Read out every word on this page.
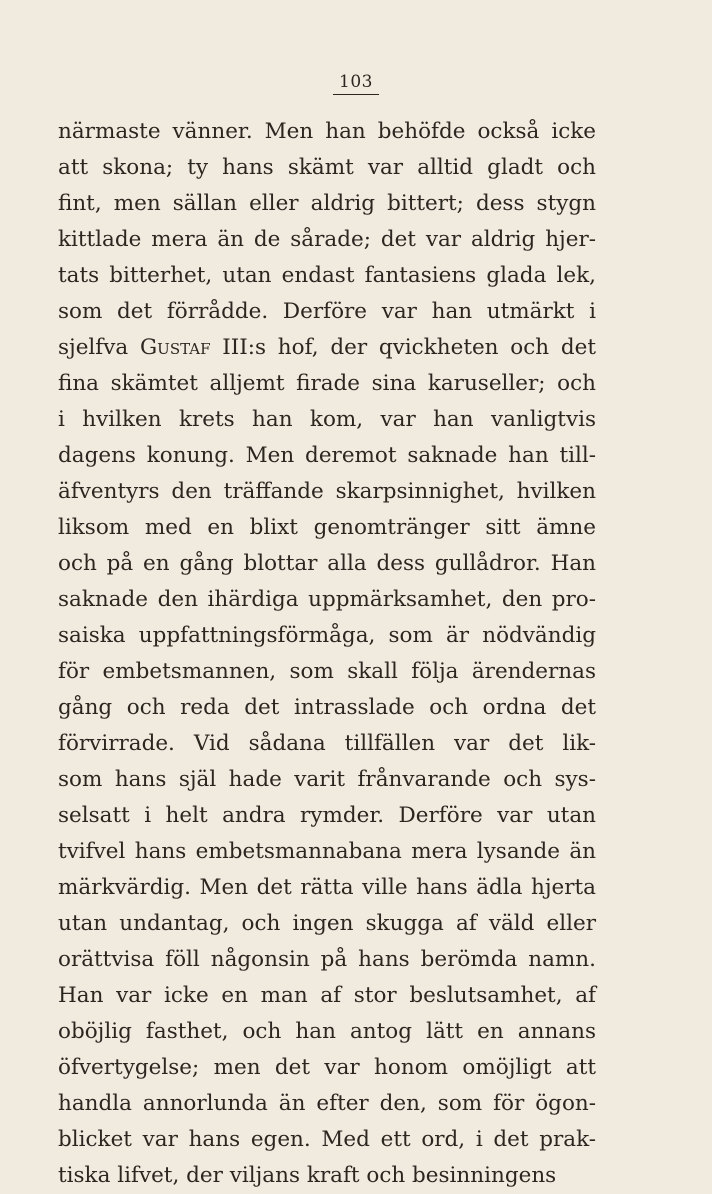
103
närmaste vänner. Men han behöfde också icke
att skona; ty hans skämt var alltid gladt och
fint, men sällan eller aldrig bittert; dess stygn
kittlade mera än de sårade; det var aldrig hjer-
tats bitterhet, utan endast fantasiens glada lek,
som det förrådde. Derföre var han utmärkt i
sjelfva Gustaf III:s hof, der qvickheten och det
fina skämtet alljemt firade sina karuseller; och
i hvilken krets han kom, var han vanligtvis
dagens konung. Men deremot saknade han till-
äfventyrs den träffande skarpsinnighet, hvilken
liksom med en blixt genomtränger sitt ämne
och på en gång blottar alla dess gullådror. Han
saknade den ihärdiga uppmärksamhet, den pro-
saiska uppfattningsförmåga, som är nödvändig
för embetsmannen, som skall följa ärendernas
gång och reda det intrasslade och ordna det
förvirrade. Vid sådana tillfällen var det lik-
som hans själ hade varit frånvarande och sys-
selsatt i helt andra rymder. Derföre var utan
tvifvel hans embetsmannabana mera lysande än
märkvärdig. Men det rätta ville hans ädla hjerta
utan undantag, och ingen skugga af väld eller
orättvisa föll någonsin på hans berömda namn.
Han var icke en man af stor beslutsamhet, af
oböjlig fasthet, och han antog lätt en annans
öfvertygelse; men det var honom omöjligt att
handla annorlunda än efter den, som för ögon-
blicket var hans egen. Med ett ord, i det prak-
tiska lifvet, der viljans kraft och besinningens
